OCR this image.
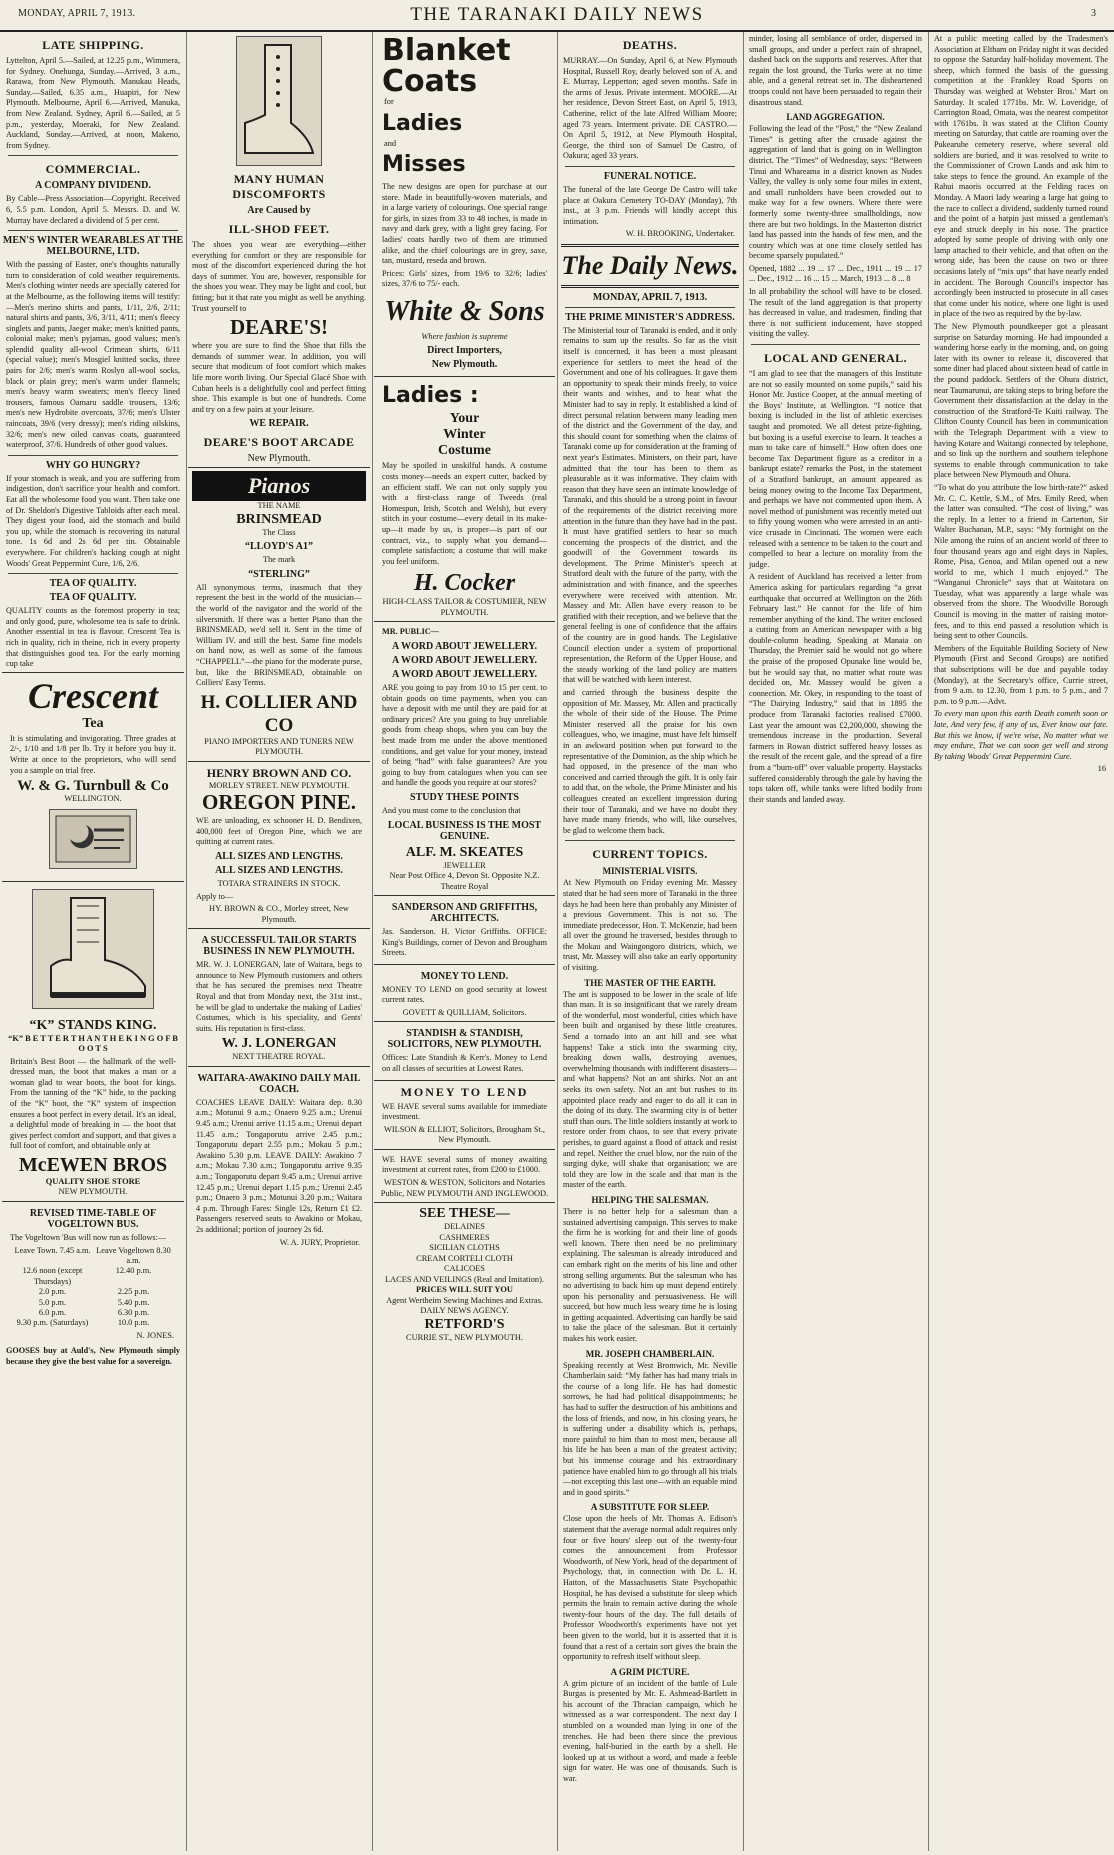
MONDAY, APRIL 7, 1913.	THE TARANAKI DAILY NEWS	3
LATE SHIPPING.
Lyttelton, April 5.—Sailed, at 12.25 p.m., Wimmera, for Sydney. Onehunga, Sunday.—Arrived, 3 a.m., Rarawa, from New Plymouth. Manukau Heads, Sunday.—Sailed, 6.35 a.m., Huapiri, for New Plymouth. Melbourne, April 6.—Arrived, Manuka, from New Zealand. Sydney, April 6.—Sailed, at 5 p.m., yesterday, Moeraki, for New Zealand. Auckland, Sunday.—Arrived, at noon, Makeno, from Sydney.
COMMERCIAL.
A COMPANY DIVIDEND.
By Cable—Press Association—Copyright. Received 6, 5.5 p.m. London, April 5. Messrs. D. and W. Murray have declared a dividend of 5 per cent.
MEN'S WINTER WEARABLES AT THE MELBOURNE, LTD.
With the passing of Easter, one's thoughts naturally turn to consideration of cold weather requirements. Men's clothing winter needs are specially catered for at the Melbourne, as the following items will testify:—Men's merino shirts and pants, 1/11, 2/6, 2/11; natural shirts and pants, 3/6, 3/11, 4/11; men's fleecy singlets and pants, Jaeger make; men's knitted pants, colonial make; men's pyjamas, good values; men's splendid quality all-wool Crimean shirts, 6/11 (special value); men's Mosgiel knitted socks, three pairs for 2/6; men's warm Roslyn all-wool socks, black or plain grey; men's warm under flannels; men's heavy warm sweaters; men's fleecy lined trousers, famous Oamaru saddle trousers, 13/6; men's new Hydrobite overcoats, 37/6; men's Ulster raincoats, 39/6 (very dressy); men's riding oilskins, 32/6; men's new oiled canvas coats, guaranteed waterproof, 37/6. Hundreds of other good values.
WHY GO HUNGRY?
If your stomach is weak, and you are suffering from indigestion, don't sacrifice your health and comfort. Eat all the wholesome food you want. Then take one of Dr. Sheldon's Digestive Tabloids after each meal. They digest your food, aid the stomach and build you up, while the stomach is recovering its natural tone. 1s 6d and 2s 6d per tin. Obtainable everywhere. For children's hacking cough at night Woods' Great Peppermint Cure, 1/6, 2/6.
TEA OF QUALITY.
TEA OF QUALITY.
QUALITY counts as the foremost property in tea; and only good, pure, wholesome tea is safe to drink. Another essential in tea is flavour. Crescent Tea is rich in quality, rich in theine, rich in every property that distinguishes good tea. For the early morning cup take
Crescent
Tea
It is stimulating and invigorating. Three grades at 2/-, 1/10 and 1/8 per lb. Try it before you buy it. Write at once to the proprietors, who will send you a sample on trial free.
W. & G. Turnbull & Co
WELLINGTON.
“K” STANDS KING.
“K” B E T T E R T H A N T H E K I N G O F B O O T S
Britain's Best Boot — the hallmark of the well-dressed man, the boot that makes a man or a woman glad to wear boots, the boot for kings. From the tanning of the “K” hide, to the packing of the “K” boot, the “K” system of inspection ensures a boot perfect in every detail. It's an ideal, a delightful mode of breaking in — the boot that gives perfect comfort and support, and that gives a full foot of comfort, and obtainable only at
McEWEN BROS
QUALITY SHOE STORE
NEW PLYMOUTH.
REVISED TIME-TABLE OF VOGELTOWN BUS.
The Vogeltown 'Bus will now run as follows:—
Leave Town. 7.45 a.m. Leave Vogeltown 8.30 a.m.
12.6 noon (except Thursdays)
12.40 p.m.
2.0 p.m.	2.25 p.m.
5.0 p.m.	5.40 p.m.
6.0 p.m.	6.30 p.m.
9.30 p.m. (Saturdays)	10.0 p.m.
N. JONES.
GOOSES buy at Auld's, New Plymouth simply because they give the best value for a sovereign.
MANY HUMAN DISCOMFORTS
Are Caused by
ILL-SHOD FEET.
The shoes you wear are everything—either everything for comfort or they are responsible for most of the discomfort experienced during the hot days of summer. You are, however, responsible for the shoes you wear. They may be light and cool, but fitting; but it that rate you might as well be anything. Trust yourself to
DEARE'S!
where you are sure to find the Shoe that fills the demands of summer wear. In addition, you will secure that modicum of foot comfort which makes life more worth living. Our Special Glacé Shoe with Cuban heels is a delightfully cool and perfect fitting shoe. This example is but one of hundreds. Come and try on a few pairs at your leisure.
WE REPAIR.
DEARE'S BOOT ARCADE
New Plymouth.
Pianos
THE NAME
BRINSMEAD
The Class
“LLOYD'S A1”
The mark
“STERLING”
All synonymous terms, inasmuch that they represent the best in the world of the musician—the world of the navigator and the world of the silversmith. If there was a better Piano than the BRINSMEAD, we'd sell it. Sent in the time of William IV. and still the best. Same fine models on hand now, as well as some of the famous “CHAPPELL”—the piano for the moderate purse, but, like the BRINSMEAD, obtainable on Colliers' Easy Terms.
H. COLLIER AND CO
PIANO IMPORTERS AND TUNERS NEW PLYMOUTH.
HENRY BROWN AND CO.
MORLEY STREET. NEW PLYMOUTH.
OREGON PINE.
WE are unloading, ex schooner H. D. Bendixen, 400,000 feet of Oregon Pine, which we are quitting at current rates.
ALL SIZES AND LENGTHS.
ALL SIZES AND LENGTHS.
TOTARA STRAINERS IN STOCK.
Apply to—
HY. BROWN & CO., Morley street, New Plymouth.
A SUCCESSFUL TAILOR STARTS BUSINESS IN NEW PLYMOUTH.
MR. W. J. LONERGAN, late of Waitara, begs to announce to New Plymouth customers and others that he has secured the premises next Theatre Royal and that from Monday next, the 31st inst., he will be glad to undertake the making of Ladies' Costumes, which is his speciality, and Gents' suits. His reputation is first-class.
W. J. LONERGAN
NEXT THEATRE ROYAL.
WAITARA-AWAKINO DAILY MAIL COACH.
COACHES LEAVE DAILY: Waitara dep. 8.30 a.m.; Motunui 9 a.m.; Onaero 9.25 a.m.; Urenui 9.45 a.m.; Urenui arrive 11.15 a.m.; Urenui depart 11.45 a.m.; Tongaporutu arrive 2.45 p.m.; Tongaporutu depart 2.55 p.m.; Mokau 5 p.m.; Awakino 5.30 p.m. LEAVE DAILY: Awakino 7 a.m.; Mokau 7.30 a.m.; Tongaporutu arrive 9.35 a.m.; Tongaporutu depart 9.45 a.m.; Urenui arrive 12.45 p.m.; Urenui depart 1.15 p.m.; Urenui 2.45 p.m.; Onaero 3 p.m.; Motunui 3.20 p.m.; Waitara 4 p.m. Through Fares: Single 12s, Return £1 £2. Passengers reserved seats to Awakino or Mokau, 2s additional; portion of journey 2s 6d.
W. A. JURY, Proprietor.
Blanket
Coats
for
Ladies
and
Misses
The new designs are open for purchase at our store. Made in beautifully-woven materials, and in a large variety of colourings. One special range for girls, in sizes from 33 to 48 inches, is made in navy and dark grey, with a light grey facing. For ladies' coats hardly two of them are trimmed alike, and the chief colourings are in grey, saxe, tan, mustard, reseda and brown.
Prices: Girls' sizes, from 19/6 to 32/6; ladies' sizes, 37/6 to 75/- each.
White & Sons
Where fashion is supreme
Direct Importers,
New Plymouth.
Ladies :
Your
Winter
Costume
May be spoiled in unskilful hands. A costume costs money—needs an expert cutter, backed by an efficient staff. We can not only supply you with a first-class range of Tweeds (real Homespun, Irish, Scotch and Welsh), but every stitch in your costume—every detail in its make-up—it made by us, is proper—is part of our contract, viz., to supply what you demand—complete satisfaction; a costume that will make you feel uniform.
H. Cocker
HIGH-CLASS TAILOR & COSTUMIER, NEW PLYMOUTH.
MR. PUBLIC—
A WORD ABOUT JEWELLERY.
A WORD ABOUT JEWELLERY.
A WORD ABOUT JEWELLERY.
ARE you going to pay from 10 to 15 per cent. to obtain goods on time payments, when you can have a deposit with me until they are paid for at ordinary prices? Are you going to buy unreliable goods from cheap shops, when you can buy the best made from me under the above mentioned conditions, and get value for your money, instead of being “had” with false guarantees? Are you going to buy from catalogues when you can see and handle the goods you require at our stores?
STUDY THESE POINTS
And you must come to the conclusion that
LOCAL BUSINESS IS THE MOST GENUINE.
ALF. M. SKEATES
JEWELLER
Near Post Office 4, Devon St. Opposite N.Z. Theatre Royal
SANDERSON AND GRIFFITHS, ARCHITECTS.
Jas. Sanderson. H. Victor Griffiths. OFFICE: King's Buildings, corner of Devon and Brougham Streets.
MONEY TO LEND.
MONEY TO LEND on good security at lowest current rates.
GOVETT & QUILLIAM, Solicitors.
STANDISH & STANDISH, SOLICITORS, NEW PLYMOUTH.
Offices: Late Standish & Kerr's. Money to Lend on all classes of securities at Lowest Rates.
MONEY TO LEND
WE HAVE several sums available for immediate investment.
WILSON & ELLIOT, Solicitors, Brougham St., New Plymouth.
WE HAVE several sums of money awaiting investment at current rates, from £200 to £1000.
WESTON & WESTON, Solicitors and Notaries Public, NEW PLYMOUTH AND INGLEWOOD.
SEE THESE—
DELAINES
CASHMERES
SICILIAN CLOTHS
CREAM CORTELI CLOTH
CALICOES
LACES AND VEILINGS (Real and Imitation).
PRICES WILL SUIT YOU
Agent Wertheim Sewing Machines and Extras.
DAILY NEWS AGENCY.
RETFORD'S
CURRIE ST., NEW PLYMOUTH.
DEATHS.
MURRAY.—On Sunday, April 6, at New Plymouth Hospital, Russell Roy, dearly beloved son of A. and E. Murray, Lepperton; aged seven months. Safe in the arms of Jesus. Private interment. MOORE.—At her residence, Devon Street East, on April 5, 1913, Catherine, relict of the late Alfred William Moore; aged 73 years. Interment private. DE CASTRO.—On April 5, 1912, at New Plymouth Hospital, George, the third son of Samuel De Castro, of Oakura; aged 33 years.
FUNERAL NOTICE.
The funeral of the late George De Castro will take place at Oakura Cemetery TO-DAY (Monday), 7th inst., at 3 p.m. Friends will kindly accept this intimation.
W. H. BROOKING, Undertaker.
The Daily News.
MONDAY, APRIL 7, 1913.
THE PRIME MINISTER'S ADDRESS.
The Ministerial tour of Taranaki is ended, and it only remains to sum up the results. So far as the visit itself is concerned, it has been a most pleasant experience for settlers to meet the head of the Government and one of his colleagues. It gave them an opportunity to speak their minds freely, to voice their wants and wishes, and to hear what the Minister had to say in reply. It established a kind of direct personal relation between many leading men of the district and the Government of the day, and this should count for something when the claims of Taranaki come up for consideration at the framing of next year's Estimates. Ministers, on their part, have admitted that the tour has been to them as pleasurable as it was informative. They claim with reason that they have seen an intimate knowledge of Taranaki, and this should be a strong point in favour of the requirements of the district receiving more attention in the future than they have had in the past. It must have gratified settlers to hear so much concerning the prospects of the district, and the goodwill of the Government towards its development. The Prime Minister's speech at Stratford dealt with the future of the party, with the administration and with finance, and the speeches everywhere were received with attention. Mr. Massey and Mr. Allen have every reason to be gratified with their reception, and we believe that the general feeling is one of confidence that the affairs of the country are in good hands. The Legislative Council election under a system of proportional representation, the Reform of the Upper House, and the steady working of the land policy are matters that will be watched with keen interest.
and carried through the business despite the opposition of Mr. Massey, Mr. Allen and practically the whole of their side of the House. The Prime Minister reserved all the praise for his own colleagues, who, we imagine, must have felt himself in an awkward position when put forward to the representative of the Dominion, as the ship which he had opposed, in the presence of the man who conceived and carried through the gift. It is only fair to add that, on the whole, the Prime Minister and his colleagues created an excellent impression during their tour of Taranaki, and we have no doubt they have made many friends, who will, like ourselves, be glad to welcome them back.
CURRENT TOPICS.
MINISTERIAL VISITS.
At New Plymouth on Friday evening Mr. Massey stated that he had seen more of Taranaki in the three days he had been here than probably any Minister of a previous Government. This is not so. The immediate predecessor, Hon. T. McKenzie, had been all over the ground he traversed, besides through to the Mokau and Waingongoro districts, which, we trust, Mr. Massey will also take an early opportunity of visiting.
THE MASTER OF THE EARTH.
The ant is supposed to be lower in the scale of life than man. It is so insignificant that we rarely dream of the wonderful, most wonderful, cities which have been built and organised by these little creatures. Send a tornado into an ant hill and see what happens! Take a stick into the swarming city, breaking down walls, destroying avenues, overwhelming thousands with indifferent disasters—and what happens? Not an ant shirks. Not an ant seeks its own safety. Not an ant but rushes to its appointed place ready and eager to do all it can in the doing of its duty. The swarming city is of better stuff than ours. The little soldiers instantly at work to restore order from chaos, to see that every private perishes, to guard against a flood of attack and resist and repel. Neither the cruel blow, nor the ruin of the surging dyke, will shake that organisation; we are told they are low in the scale and that man is the master of the earth.
HELPING THE SALESMAN.
There is no better help for a salesman than a sustained advertising campaign. This serves to make the firm he is working for and their line of goods well known. There then need be no preliminary explaining. The salesman is already introduced and can embark right on the merits of his line and other strong selling arguments. But the salesman who has no advertising to back him up must depend entirely upon his personality and persuasiveness. He will succeed, but how much less weary time he is losing in getting acquainted. Advertising can hardly be said to take the place of the salesman. But it certainly makes his work easier.
MR. JOSEPH CHAMBERLAIN.
Speaking recently at West Bromwich, Mr. Neville Chamberlain said: “My father has had many trials in the course of a long life. He has had domestic sorrows, he had had political disappointments; he has had to suffer the destruction of his ambitions and the loss of friends, and now, in his closing years, he is suffering under a disability which is, perhaps, more painful to him than to most men, because all his life he has been a man of the greatest activity; but his immense courage and his extraordinary patience have enabled him to go through all his trials—not excepting this last one—with an equable mind and in good spirits.”
A SUBSTITUTE FOR SLEEP.
Close upon the heels of Mr. Thomas A. Edison's statement that the average normal adult requires only four or five hours' sleep out of the twenty-four comes the announcement from Professor Woodworth, of New York, head of the department of Psychology, that, in connection with Dr. L. H. Hatton, of the Massachusetts State Psychopathic Hospital, he has devised a substitute for sleep which permits the brain to remain active during the whole twenty-four hours of the day. The full details of Professor Woodworth's experiments have not yet been given to the world, but it is asserted that it is found that a rest of a certain sort gives the brain the opportunity to refresh itself without sleep.
A GRIM PICTURE.
A grim picture of an incident of the battle of Lule Burgas is presented by Mr. E. Ashmead-Bartlett in his account of the Thracian campaign, which he witnessed as a war correspondent. The next day I stumbled on a wounded man lying in one of the trenches. He had been there since the previous evening, half-buried in the earth by a shell. He looked up at us without a word, and made a feeble sign for water. He was one of thousands. Such is war.
minder, losing all semblance of order, dispersed in small groups, and under a perfect rain of shrapnel, dashed back on the supports and reserves. After that regain the lost ground, the Turks were at no time able, and a general retreat set in. The disheartened troops could not have been persuaded to regain their disastrous stand.
LAND AGGREGATION.
Following the lead of the “Post,” the “New Zealand Times” is getting after the crusade against the aggregation of land that is going on in Wellington district. The “Times” of Wednesday, says: “Between Tinui and Whareama in a district known as Nudes Valley, the valley is only some four miles in extent, and small runholders have been crowded out to make way for a few owners. Where there were formerly some twenty-three smallholdings, now there are but two holdings. In the Masterton district land has passed into the hands of few men, and the country which was at one time closely settled has become sparsely populated.”
Opened, 1882 ... 19 ... 17 ... Dec., 1911 ... 19 ... 17 ... Dec., 1912 ... 16 ... 15 ... March, 1913 ... 8 ... 8
In all probability the school will have to be closed. The result of the land aggregation is that property has decreased in value, and tradesmen, finding that there is not sufficient inducement, have stopped visiting the valley.
LOCAL AND GENERAL.
“I am glad to see that the managers of this Institute are not so easily mounted on some pupils,” said his Honor Mr. Justice Cooper, at the annual meeting of the Boys' Institute, at Wellington. “I notice that boxing is included in the list of athletic exercises taught and promoted. We all detest prize-fighting, but boxing is a useful exercise to learn. It teaches a man to take care of himself.” How often does one become Tax Department figure as a creditor in a bankrupt estate? remarks the Post, in the statement of a Stratford bankrupt, an amount appeared as being money owing to the Income Tax Department, and perhaps we have not commented upon them. A novel method of punishment was recently meted out to fifty young women who were arrested in an anti-vice crusade in Cincinnati. The women were each released with a sentence to be taken to the court and compelled to hear a lecture on morality from the judge.
A resident of Auckland has received a letter from America asking for particulars regarding “a great earthquake that occurred at Wellington on the 26th February last.” He cannot for the life of him remember anything of the kind. The writer enclosed a cutting from an American newspaper with a big double-column heading. Speaking at Manaia on Thursday, the Premier said he would not go where the praise of the proposed Opunake line would be, but he would say that, no matter what route was decided on, Mr. Massey would be given a connection. Mr. Okey, in responding to the toast of “The Dairying Industry,” said that in 1895 the produce from Taranaki factories realised £7000. Last year the amount was £2,200,000, showing the tremendous increase in the production. Several farmers in Rowan district suffered heavy losses as the result of the recent gale, and the spread of a fire from a “burn-off” over valuable property. Haystacks suffered considerably through the gale by having the tops taken off, while tanks were lifted bodily from their stands and landed away.
At a public meeting called by the Tradesmen's Association at Eltham on Friday night it was decided to oppose the Saturday half-holiday movement. The sheep, which formed the basis of the guessing competition at the Frankley Road Sports on Thursday was weighed at Webster Bros.' Mart on Saturday. It scaled 1771bs. Mr. W. Loveridge, of Carrington Road, Omata, was the nearest competitor with 1761bs. It was stated at the Clifton County meeting on Saturday, that cattle are roaming over the Pukearuhe cemetery reserve, where several old soldiers are buried, and it was resolved to write to the Commissioner of Crown Lands and ask him to take steps to fence the ground. An example of the Rahui maoris occurred at the Felding races on Monday. A Maori lady wearing a large hat going to the race to collect a dividend, suddenly turned round and the point of a hatpin just missed a gentleman's eye and struck deeply in his nose. The practice adopted by some people of driving with only one lamp attached to their vehicle, and that often on the wrong side, has been the cause on two or three occasions lately of “mix ups” that have nearly ended in accident. The Borough Council's inspector has accordingly been instructed to prosecute in all cases that come under his notice, where one light is used in place of the two as required by the by-law.
The New Plymouth poundkeeper got a pleasant surprise on Saturday morning. He had impounded a wandering horse early in the morning, and, on going later with its owner to release it, discovered that some diner had placed about sixteen head of cattle in the pound paddock. Settlers of the Ohura district, near Taumarunui, are taking steps to bring before the Government their dissatisfaction at the delay in the construction of the Stratford-Te Kuiti railway. The Clifton County Council has been in communication with the Telegraph Department with a view to having Kotare and Waitangi connected by telephone, and so link up the northern and southern telephone systems to enable through communication to take place between New Plymouth and Ohura.
“To what do you attribute the low birth-rate?” asked Mr. C. C. Kettle, S.M., of Mrs. Emily Reed, when the latter was consulted. “The cost of living,” was the reply. In a letter to a friend in Carterton, Sir Walter Buchanan, M.P., says: “My fortnight on the Nile among the ruins of an ancient world of three to four thousand years ago and eight days in Naples, Rome, Pisa, Genoa, and Milan opened out a new world to me, which I much enjoyed.” The “Wanganui Chronicle” says that at Waitotara on Tuesday, what was apparently a large whale was observed from the shore. The Woodville Borough Council is moving in the matter of raising motor-fees, and to this end passed a resolution which is being sent to other Councils.
Members of the Equitable Building Society of New Plymouth (First and Second Groups) are notified that subscriptions will be due and payable today (Monday), at the Secretary's office, Currie street, from 9 a.m. to 12.30, from 1 p.m. to 5 p.m., and 7 p.m. to 9 p.m.—Advt.
To every man upon this earth Death cometh soon or late, And very few, if any of us, Ever know our fate. But this we know, if we're wise, No matter what we may endure, That we can soon get well and strong By taking Woods' Great Peppermint Cure.
16
